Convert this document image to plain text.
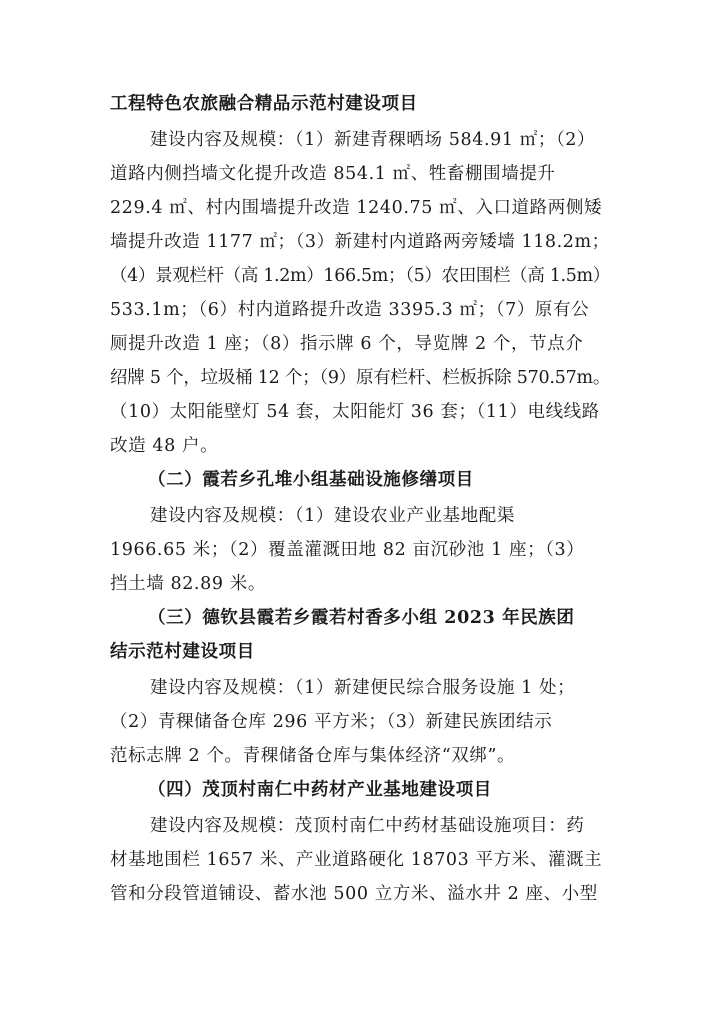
工程特色农旅融合精品示范村建设项目
建设内容及规模：（1）新建青稞晒场 584.91 ㎡；（2）
道路内侧挡墙文化提升改造 854.1 ㎡、牲畜棚围墙提升
229.4 ㎡、村内围墙提升改造 1240.75 ㎡、入口道路两侧矮
墙提升改造 1177 ㎡；（3）新建村内道路两旁矮墙 118.2m；
（4）景观栏杆（高 1.2m）166.5m；（5）农田围栏（高 1.5m）
533.1m；（6）村内道路提升改造 3395.3 ㎡；（7）原有公
厕提升改造 1 座；（8）指示牌 6 个，导览牌 2 个，节点介
绍牌 5 个，垃圾桶 12 个；（9）原有栏杆、栏板拆除 570.57m。
（10）太阳能壁灯 54 套，太阳能灯 36 套；（11）电线线路
改造 48 户。
（二）霞若乡孔堆小组基础设施修缮项目
建设内容及规模：（1）建设农业产业基地配渠
1966.65 米；（2）覆盖灌溉田地 82 亩沉砂池 1 座；（3）
挡土墙 82.89 米。
（三）德钦县霞若乡霞若村香多小组 2023 年民族团
结示范村建设项目
建设内容及规模：（1）新建便民综合服务设施 1 处；
（2）青稞储备仓库 296 平方米；（3）新建民族团结示
范标志牌 2 个。青稞储备仓库与集体经济“双绑”。
（四）茂顶村南仁中药材产业基地建设项目
建设内容及规模：茂顶村南仁中药材基础设施项目：药
材基地围栏 1657 米、产业道路硬化 18703 平方米、灌溉主
管和分段管道铺设、蓄水池 500 立方米、溢水井 2 座、小型
